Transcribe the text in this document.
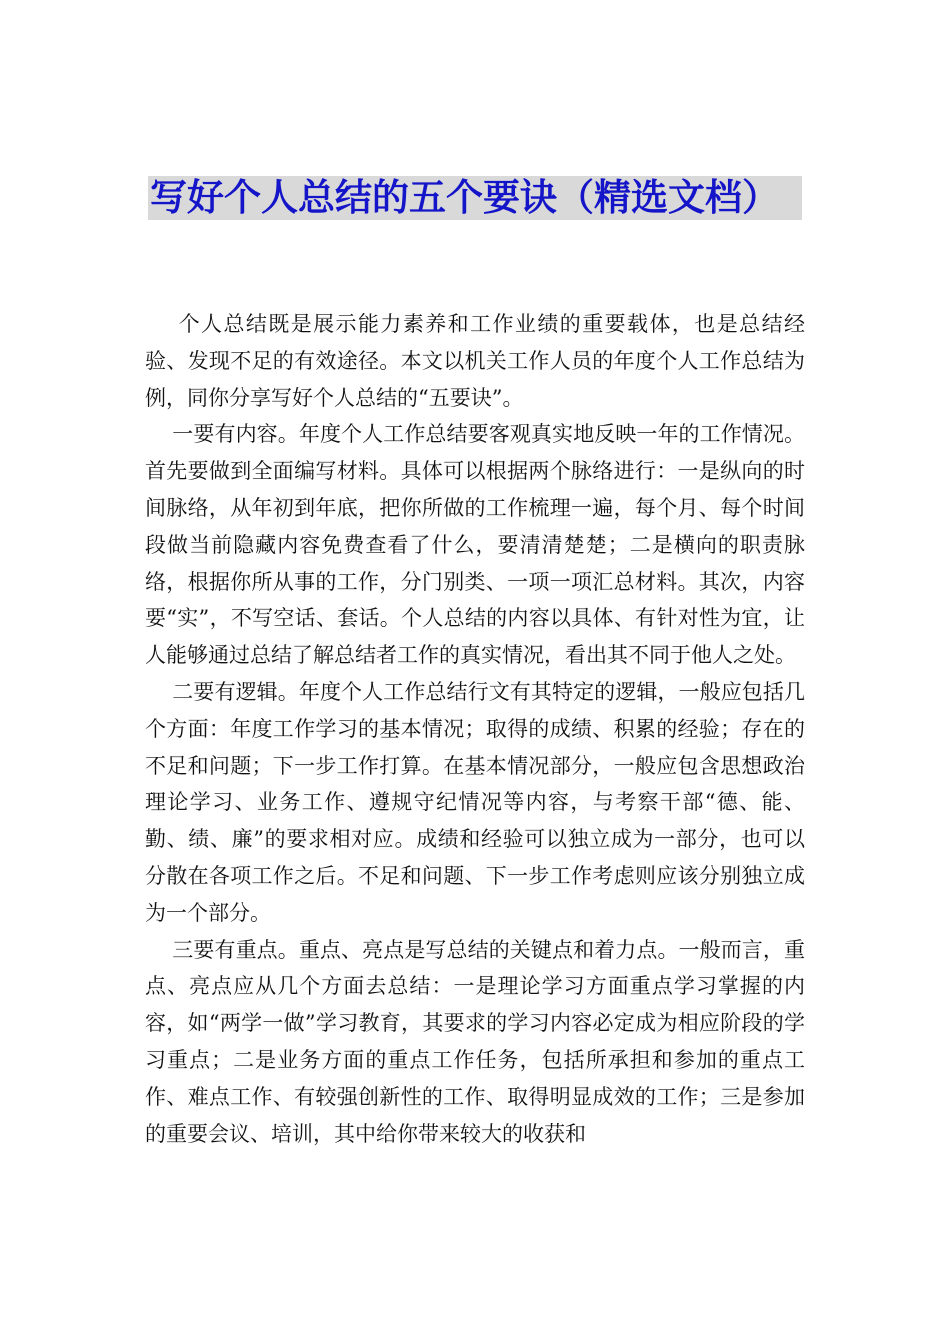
写好个人总结的五个要诀（精选文档）

个人总结既是展示能力素养和工作业绩的重要载体，也是总结经验、发现不足的有效途径。本文以机关工作人员的年度个人工作总结为例，同你分享写好个人总结的“五要诀”。

一要有内容。年度个人工作总结要客观真实地反映一年的工作情况。首先要做到全面编写材料。具体可以根据两个脉络进行：一是纵向的时间脉络，从年初到年底，把你所做的工作梳理一遍，每个月、每个时间段做当前隐藏内容免费查看了什么，要清清楚楚；二是横向的职责脉络，根据你所从事的工作，分门别类、一项一项汇总材料。其次，内容要“实”，不写空话、套话。个人总结的内容以具体、有针对性为宜，让人能够通过总结了解总结者工作的真实情况，看出其不同于他人之处。

二要有逻辑。年度个人工作总结行文有其特定的逻辑，一般应包括几个方面：年度工作学习的基本情况；取得的成绩、积累的经验；存在的不足和问题；下一步工作打算。在基本情况部分，一般应包含思想政治理论学习、业务工作、遵规守纪情况等内容，与考察干部“德、能、勤、绩、廉”的要求相对应。成绩和经验可以独立成为一部分，也可以分散在各项工作之后。不足和问题、下一步工作考虑则应该分别独立成为一个部分。

三要有重点。重点、亮点是写总结的关键点和着力点。一般而言，重点、亮点应从几个方面去总结：一是理论学习方面重点学习掌握的内容，如“两学一做”学习教育，其要求的学习内容必定成为相应阶段的学习重点；二是业务方面的重点工作任务，包括所承担和参加的重点工作、难点工作、有较强创新性的工作、取得明显成效的工作；三是参加的重要会议、培训，其中给你带来较大的收获和
